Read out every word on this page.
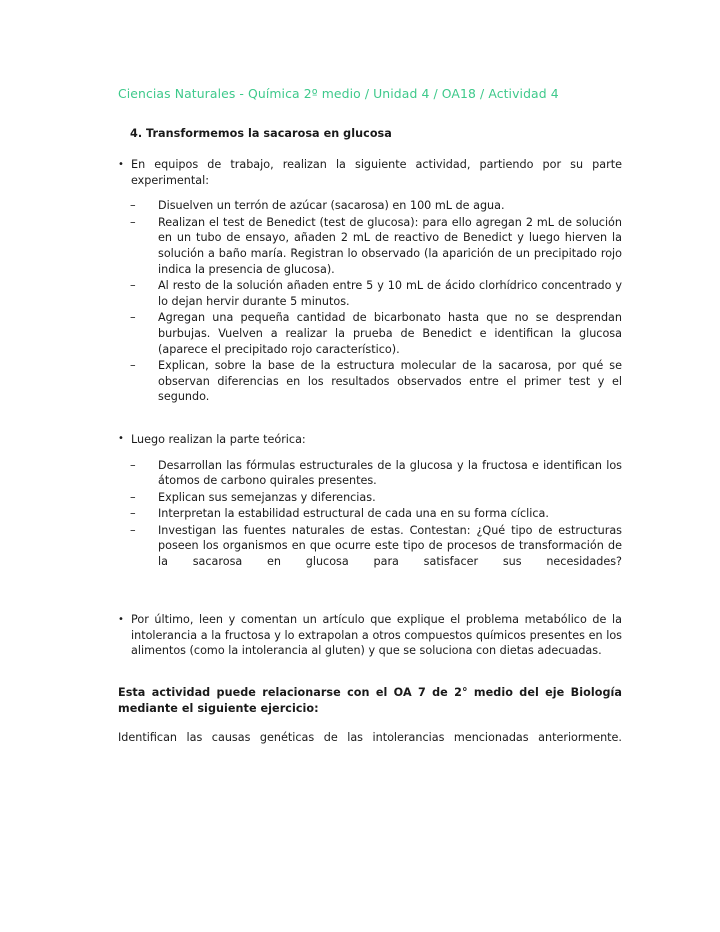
Ciencias Naturales - Química 2º medio / Unidad 4 / OA18 / Actividad 4
4. Transformemos la sacarosa en glucosa
• En equipos de trabajo, realizan la siguiente actividad, partiendo por su parte experimental:
– Disuelven un terrón de azúcar (sacarosa) en 100 mL de agua.
– Realizan el test de Benedict (test de glucosa): para ello agregan 2 mL de solución en un tubo de ensayo, añaden 2 mL de reactivo de Benedict y luego hierven la solución a baño maría. Registran lo observado (la aparición de un precipitado rojo indica la presencia de glucosa).
– Al resto de la solución añaden entre 5 y 10 mL de ácido clorhídrico concentrado y lo dejan hervir durante 5 minutos.
– Agregan una pequeña cantidad de bicarbonato hasta que no se desprendan burbujas. Vuelven a realizar la prueba de Benedict e identifican la glucosa (aparece el precipitado rojo característico).
– Explican, sobre la base de la estructura molecular de la sacarosa, por qué se observan diferencias en los resultados observados entre el primer test y el segundo.
• Luego realizan la parte teórica:
– Desarrollan las fórmulas estructurales de la glucosa y la fructosa e identifican los átomos de carbono quirales presentes.
– Explican sus semejanzas y diferencias.
– Interpretan la estabilidad estructural de cada una en su forma cíclica.
– Investigan las fuentes naturales de estas. Contestan: ¿Qué tipo de estructuras poseen los organismos en que ocurre este tipo de procesos de transformación de la sacarosa en glucosa para satisfacer sus necesidades?
• Por último, leen y comentan un artículo que explique el problema metabólico de la intolerancia a la fructosa y lo extrapolan a otros compuestos químicos presentes en los alimentos (como la intolerancia al gluten) y que se soluciona con dietas adecuadas.

Esta actividad puede relacionarse con el OA 7 de 2° medio del eje Biología mediante el siguiente ejercicio:

Identifican las causas genéticas de las intolerancias mencionadas anteriormente.
